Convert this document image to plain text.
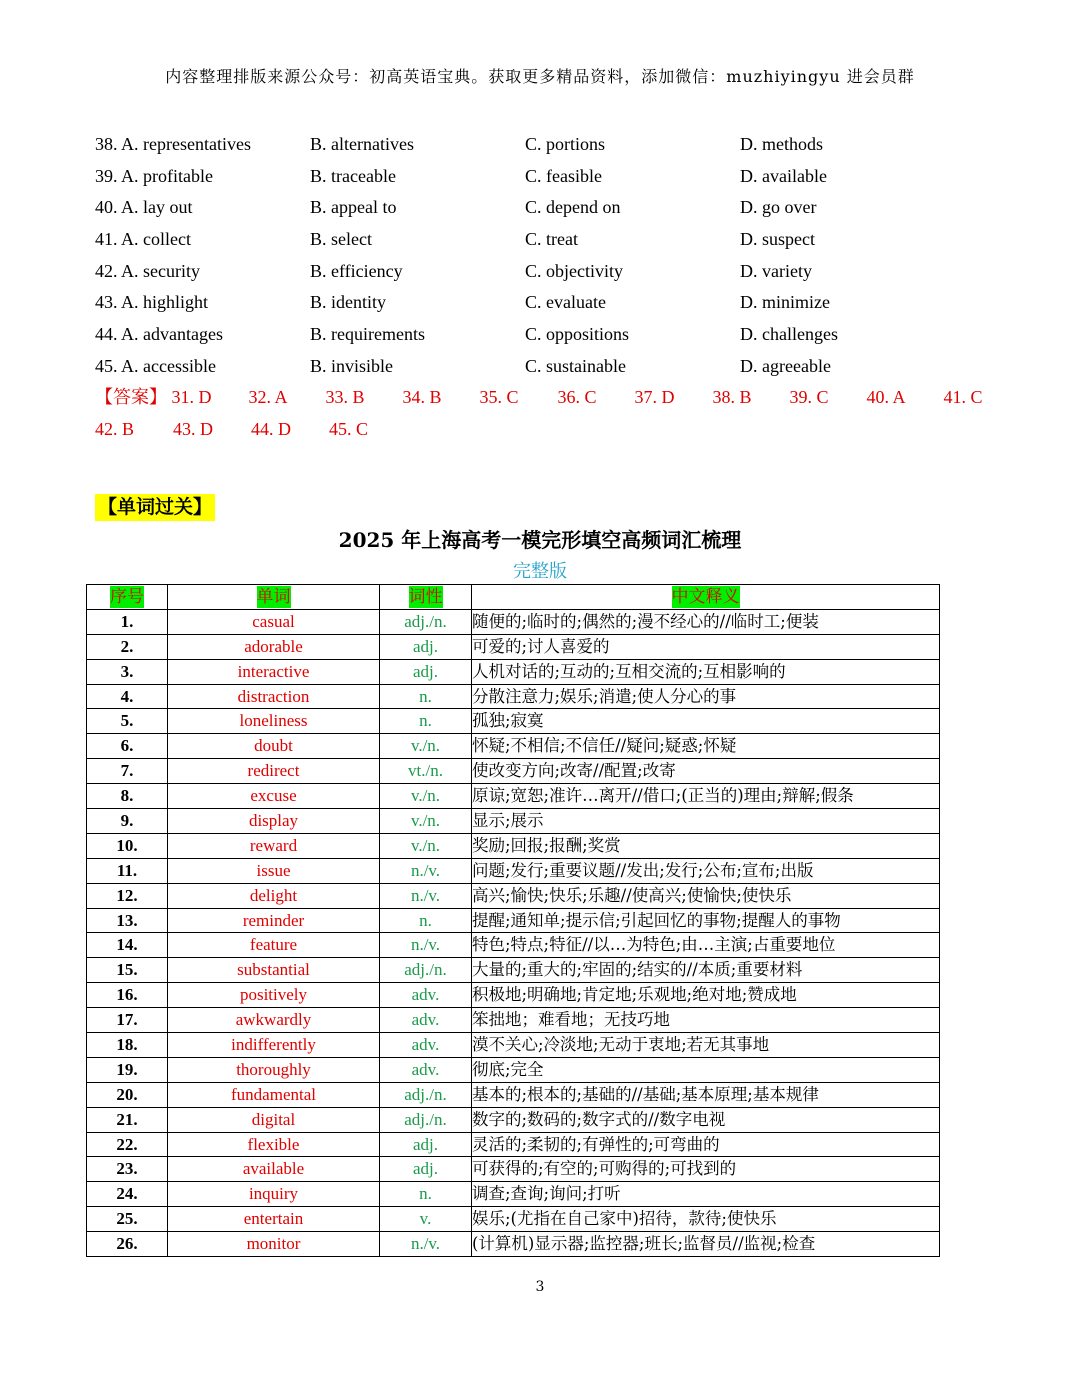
内容整理排版来源公众号：初高英语宝典。获取更多精品资料，添加微信：muzhiyingyu 进会员群
38. A. representatives	B. alternatives	C. portions	D. methods
39. A. profitable	B. traceable	C. feasible	D. available
40. A. lay out	B. appeal to	C. depend on	D. go over
41. A. collect	B. select	C. treat	D. suspect
42. A. security	B. efficiency	C. objectivity	D. variety
43. A. highlight	B. identity	C. evaluate	D. minimize
44. A. advantages	B. requirements	C. oppositions	D. challenges
45. A. accessible	B. invisible	C. sustainable	D. agreeable
【答案】 31. D 32. A 33. B 34. B 35. C 36. C 37. D 38. B 39. C 40. A 41. C
42. B 43. D 44. D 45. C
【单词过关】
2025 年上海高考一模完形填空高频词汇梳理
完整版
序号	单词	词性	中文释义
1.	casual	adj./n.	随便的;临时的;偶然的;漫不经心的//临时工;便装
2.	adorable	adj.	可爱的;讨人喜爱的
3.	interactive	adj.	人机对话的;互动的;互相交流的;互相影响的
4.	distraction	n.	分散注意力;娱乐;消遣;使人分心的事
5.	loneliness	n.	孤独;寂寞
6.	doubt	v./n.	怀疑;不相信;不信任//疑问;疑惑;怀疑
7.	redirect	vt./n.	使改变方向;改寄//配置;改寄
8.	excuse	v./n.	原谅;宽恕;准许…离开//借口;(正当的)理由;辩解;假条
9.	display	v./n.	显示;展示
10.	reward	v./n.	奖励;回报;报酬;奖赏
11.	issue	n./v.	问题;发行;重要议题//发出;发行;公布;宣布;出版
12.	delight	n./v.	高兴;愉快;快乐;乐趣//使高兴;使愉快;使快乐
13.	reminder	n.	提醒;通知单;提示信;引起回忆的事物;提醒人的事物
14.	feature	n./v.	特色;特点;特征//以…为特色;由…主演;占重要地位
15.	substantial	adj./n.	大量的;重大的;牢固的;结实的//本质;重要材料
16.	positively	adv.	积极地;明确地;肯定地;乐观地;绝对地;赞成地
17.	awkwardly	adv.	笨拙地；难看地；无技巧地
18.	indifferently	adv.	漠不关心;冷淡地;无动于衷地;若无其事地
19.	thoroughly	adv.	彻底;完全
20.	fundamental	adj./n.	基本的;根本的;基础的//基础;基本原理;基本规律
21.	digital	adj./n.	数字的;数码的;数字式的//数字电视
22.	flexible	adj.	灵活的;柔韧的;有弹性的;可弯曲的
23.	available	adj.	可获得的;有空的;可购得的;可找到的
24.	inquiry	n.	调查;查询;询问;打听
25.	entertain	v.	娱乐;(尤指在自己家中)招待，款待;使快乐
26.	monitor	n./v.	(计算机)显示器;监控器;班长;监督员//监视;检查
3
